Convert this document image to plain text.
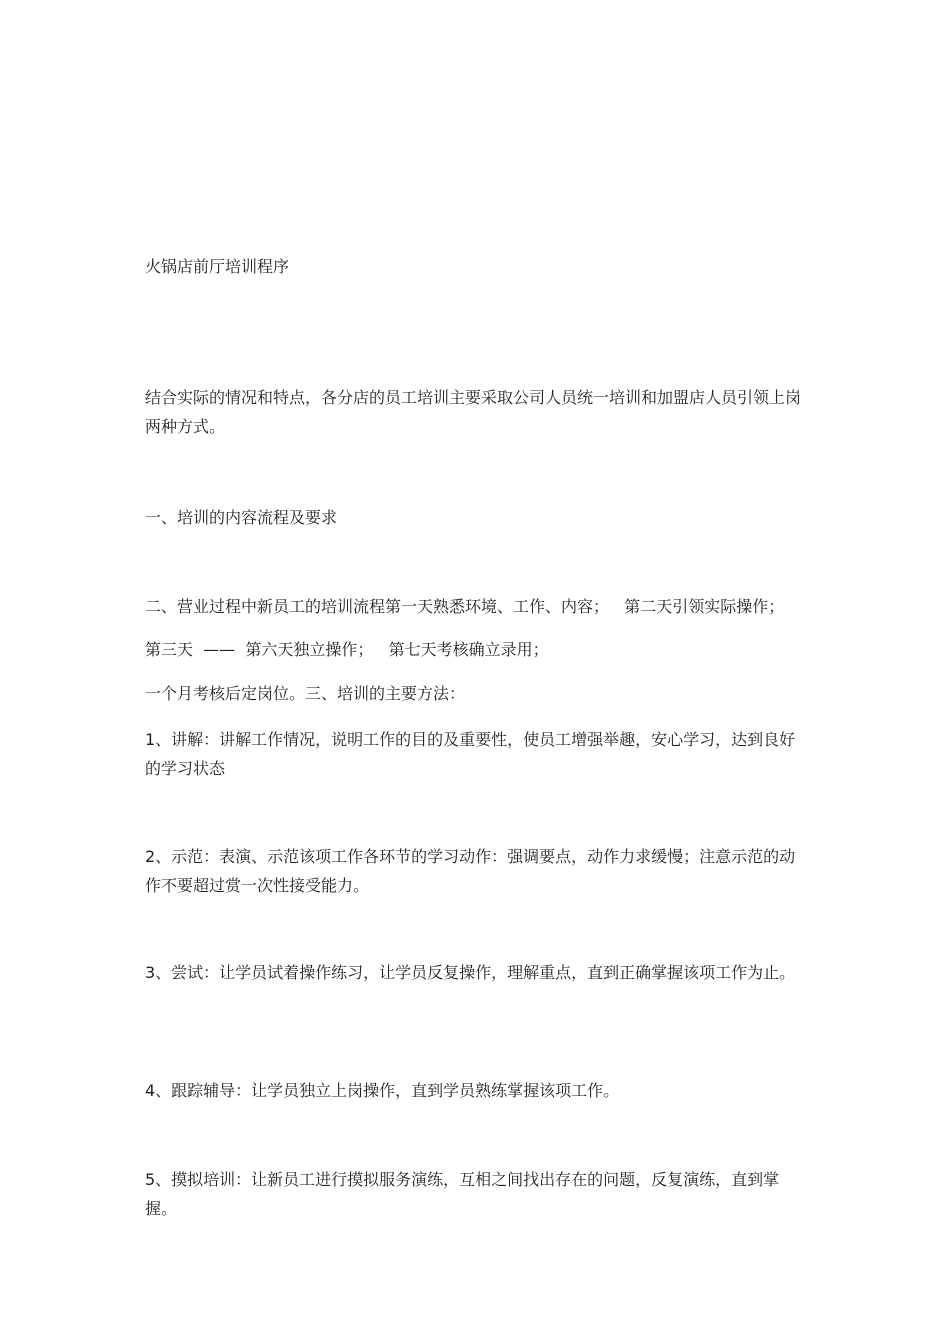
火锅店前厅培训程序

结合实际的情况和特点，各分店的员工培训主要采取公司人员统一培训和加盟店人员引领上岗两种方式。

一、培训的内容流程及要求

二、营业过程中新员工的培训流程第一天熟悉环境、工作、内容；   第二天引领实际操作；

第三天  ——  第六天独立操作；   第七天考核确立录用；

一个月考核后定岗位。三、培训的主要方法：

1、讲解：讲解工作情况，说明工作的目的及重要性，使员工增强举趣，安心学习，达到良好的学习状态

2、示范：表演、示范该项工作各环节的学习动作：强调要点，动作力求缓慢；注意示范的动作不要超过赏一次性接受能力。

3、尝试：让学员试着操作练习，让学员反复操作，理解重点，直到正确掌握该项工作为止。

4、跟踪辅导：让学员独立上岗操作，直到学员熟练掌握该项工作。

5、摸拟培训：让新员工进行摸拟服务演练，互相之间找出存在的问题，反复演练，直到掌握。
